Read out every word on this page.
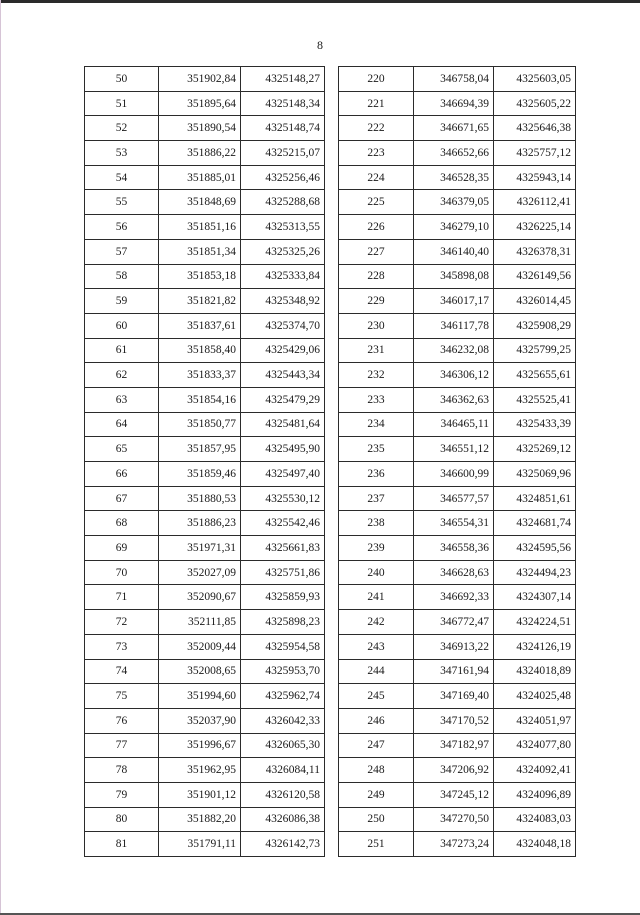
8
50	351902,84	4325148,27		220	346758,04	4325603,05
51	351895,64	4325148,34		221	346694,39	4325605,22
52	351890,54	4325148,74		222	346671,65	4325646,38
53	351886,22	4325215,07		223	346652,66	4325757,12
54	351885,01	4325256,46		224	346528,35	4325943,14
55	351848,69	4325288,68		225	346379,05	4326112,41
56	351851,16	4325313,55		226	346279,10	4326225,14
57	351851,34	4325325,26		227	346140,40	4326378,31
58	351853,18	4325333,84		228	345898,08	4326149,56
59	351821,82	4325348,92		229	346017,17	4326014,45
60	351837,61	4325374,70		230	346117,78	4325908,29
61	351858,40	4325429,06		231	346232,08	4325799,25
62	351833,37	4325443,34		232	346306,12	4325655,61
63	351854,16	4325479,29		233	346362,63	4325525,41
64	351850,77	4325481,64		234	346465,11	4325433,39
65	351857,95	4325495,90		235	346551,12	4325269,12
66	351859,46	4325497,40		236	346600,99	4325069,96
67	351880,53	4325530,12		237	346577,57	4324851,61
68	351886,23	4325542,46		238	346554,31	4324681,74
69	351971,31	4325661,83		239	346558,36	4324595,56
70	352027,09	4325751,86		240	346628,63	4324494,23
71	352090,67	4325859,93		241	346692,33	4324307,14
72	352111,85	4325898,23		242	346772,47	4324224,51
73	352009,44	4325954,58		243	346913,22	4324126,19
74	352008,65	4325953,70		244	347161,94	4324018,89
75	351994,60	4325962,74		245	347169,40	4324025,48
76	352037,90	4326042,33		246	347170,52	4324051,97
77	351996,67	4326065,30		247	347182,97	4324077,80
78	351962,95	4326084,11		248	347206,92	4324092,41
79	351901,12	4326120,58		249	347245,12	4324096,89
80	351882,20	4326086,38		250	347270,50	4324083,03
81	351791,11	4326142,73		251	347273,24	4324048,18
